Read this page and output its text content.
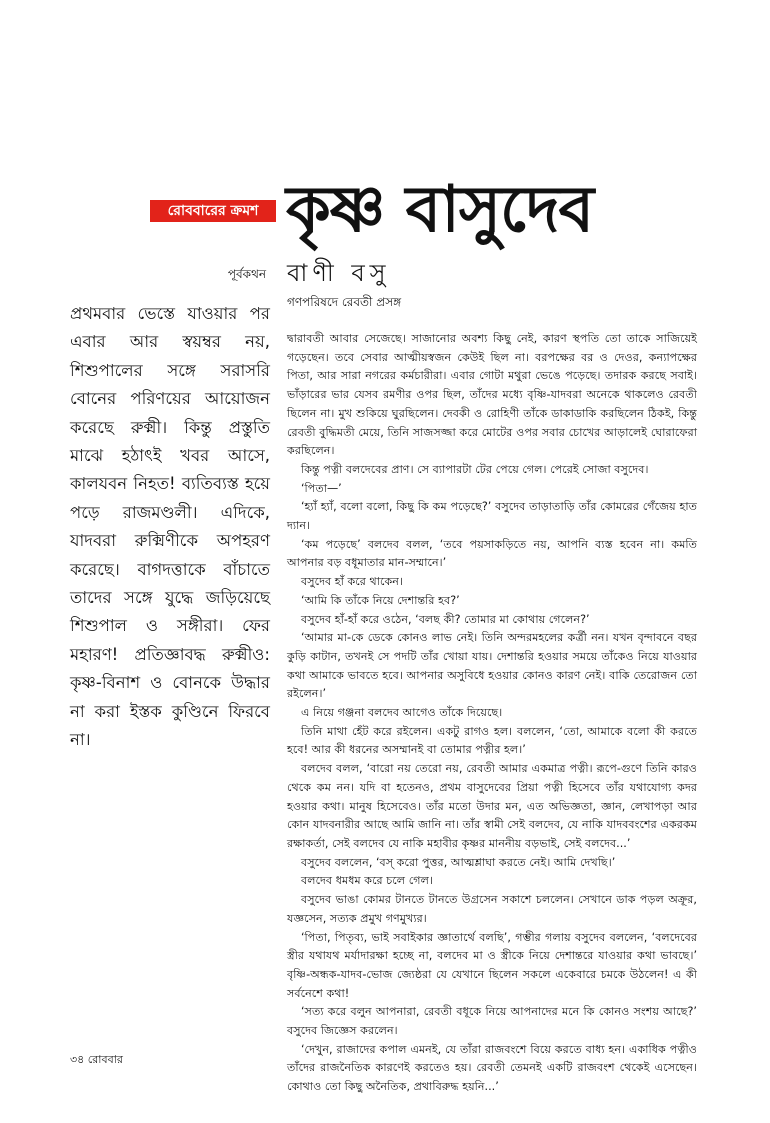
রোববারের ক্রমশ কৃষ্ণ বাসুদেব
পূর্বকথন বাণী বসু
গণপরিষদে রেবতী প্রসঙ্গ
প্রথমবার ভেস্তে যাওয়ার পর এবার আর স্বয়ম্বর নয়, শিশুপালের সঙ্গে সরাসরি বোনের পরিণয়ের আয়োজন করেছে রুক্মী। কিন্তু প্রস্তুতি মাঝে হঠাৎই খবর আসে, কালযবন নিহত! ব্যতিব্যস্ত হয়ে পড়ে রাজমণ্ডলী। এদিকে, যাদবরা রুক্মিণীকে অপহরণ করেছে। বাগদত্তাকে বাঁচাতে তাদের সঙ্গে যুদ্ধে জড়িয়েছে শিশুপাল ও সঙ্গীরা। ফের মহারণ! প্রতিজ্ঞাবদ্ধ রুক্মীও: কৃষ্ণ-বিনাশ ও বোনকে উদ্ধার না করা ইস্তক কুণ্ডিনে ফিরবে না।

দ্বারাবতী আবার সেজেছে। সাজানোর অবশ্য কিছু নেই, কারণ স্থপতি তো তাকে সাজিয়েই গড়েছেন। তবে সেবার আত্মীয়স্বজন কেউই ছিল না। বরপক্ষের বর ও দেওর, কন্যাপক্ষের পিতা, আর সারা নগরের কর্মচারীরা। এবার গোটা মথুরা ভেঙে পড়েছে। তদারক করছে সবাই। ভাঁড়ারের ভার যেসব রমণীর ওপর ছিল, তাঁদের মধ্যে বৃষ্ণি-যাদবরা অনেকে থাকলেও রেবতী ছিলেন না। মুখ শুকিয়ে ঘুরছিলেন। দেবকী ও রোহিণী তাঁকে ডাকাডাকি করছিলেন ঠিকই, কিন্তু রেবতী বুদ্ধিমতী মেয়ে, তিনি সাজসজ্জা করে মোটের ওপর সবার চোখের আড়ালেই ঘোরাফেরা করছিলেন।

কিন্তু পত্নী বলদেবের প্রাণ। সে ব্যাপারটা টের পেয়ে গেল। পেরেই সোজা বসুদেব।

‘পিতা—’

‘হ্যাঁ হ্যাঁ, বলো বলো, কিছু কি কম পড়েছে?’ বসুদেব তাড়াতাড়ি তাঁর কোমরের গেঁজেয় হাত দ্যান।

‘কম পড়েছে’ বলদেব বলল, ‘তবে পয়সাকড়িতে নয়, আপনি ব্যস্ত হবেন না। কমতি আপনার বড় বধূমাতার মান-সম্মানে।’

বসুদেব হাঁ করে থাকেন।

‘আমি কি তাঁকে নিয়ে দেশান্তরি হব?’

বসুদেব হাঁ-হাঁ করে ওঠেন, ‘বলছ কী? তোমার মা কোথায় গেলেন?’

‘আমার মা-কে ডেকে কোনও লাভ নেই। তিনি অন্দরমহলের কর্ত্রী নন। যখন বৃন্দাবনে বছর কুড়ি কাটান, তখনই সে পদটি তাঁর খোয়া যায়। দেশান্তরি হওয়ার সময়ে তাঁকেও নিয়ে যাওয়ার কথা আমাকে ভাবতে হবে। আপনার অসুবিধে হওয়ার কোনও কারণ নেই। বাকি তেরোজন তো রইলেন।’

এ নিয়ে গঞ্জনা বলদেব আগেও তাঁকে দিয়েছে।

তিনি মাথা হেঁট করে রইলেন। একটু রাগও হল। বললেন, ‘তো, আমাকে বলো কী করতে হবে! আর কী ধরনের অসম্মানই বা তোমার পত্নীর হল।’

বলদেব বলল, ‘বারো নয় তেরো নয়, রেবতী আমার একমাত্র পত্নী। রূপে-গুণে তিনি কারও থেকে কম নন। যদি বা হতেনও, প্রথম বাসুদেবের প্রিয়া পত্নী হিসেবে তাঁর যথাযোগ্য কদর হওয়ার কথা। মানুষ হিসেবেও। তাঁর মতো উদার মন, এত অভিজ্ঞতা, জ্ঞান, লেখাপড়া আর কোন যাদবনারীর আছে আমি জানি না। তাঁর স্বামী সেই বলদেব, যে নাকি যাদববংশের একরকম রক্ষাকর্তা, সেই বলদেব যে নাকি মহাবীর কৃষ্ণর মাননীয় বড়ভাই, সেই বলদেব...’

বসুদেব বললেন, ‘বস্‌ করো পুত্তর, আত্মশ্লাঘা করতে নেই। আমি দেখছি।’

বলদেব ধমধম করে চলে গেল।

বসুদেব ভাঙা কোমর টানতে টানতে উগ্রসেন সকাশে চললেন। সেখানে ডাক পড়ল অক্রূর, যজ্ঞসেন, সত্যক প্রমুখ গণমুখ্যর।

‘পিতা, পিতৃব্য, ভাই সবাইকার জ্ঞাতার্থে বলছি’, গম্ভীর গলায় বসুদেব বললেন, ‘বলদেবের স্ত্রীর যথাযথ মর্যাদারক্ষা হচ্ছে না, বলদেব মা ও স্ত্রীকে নিয়ে দেশান্তরে যাওয়ার কথা ভাবছে।’ বৃষ্ণি-অন্ধক-যাদব-ভোজ জ্যেষ্ঠরা যে যেখানে ছিলেন সকলে একেবারে চমকে উঠলেন! এ কী সর্বনেশে কথা!

‘সত্য করে বলুন আপনারা, রেবতী বধূকে নিয়ে আপনাদের মনে কি কোনও সংশয় আছে?’ বসুদেব জিজ্ঞেস করলেন।

‘দেখুন, রাজাদের কপাল এমনই, যে তাঁরা রাজবংশে বিয়ে করতে বাধ্য হন। একাধিক পত্নীও তাঁদের রাজনৈতিক কারণেই করতেও হয়। রেবতী তেমনই একটি রাজবংশ থেকেই এসেছেন। কোথাও তো কিছু অনৈতিক, প্রথাবিরুদ্ধ হয়নি...’

৩৪ রোববার
